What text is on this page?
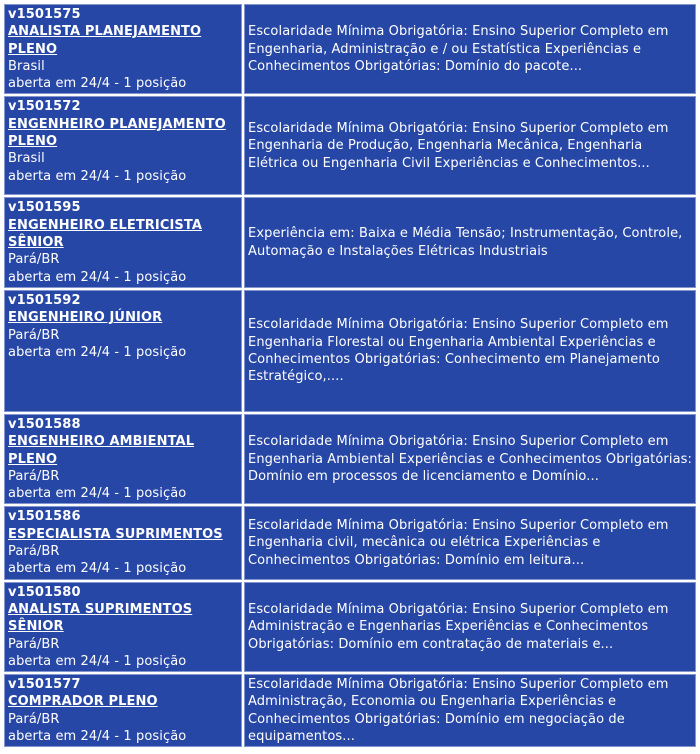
v1501575
ANALISTA PLANEJAMENTO PLENO
Brasil
aberta em 24/4 - 1 posição	Escolaridade Mínima Obrigatória: Ensino Superior Completo em Engenharia, Administração e / ou Estatística Experiências e Conhecimentos Obrigatórias: Domínio do pacote...

v1501572
ENGENHEIRO PLANEJAMENTO PLENO
Brasil
aberta em 24/4 - 1 posição	Escolaridade Mínima Obrigatória: Ensino Superior Completo em Engenharia de Produção, Engenharia Mecânica, Engenharia Elétrica ou Engenharia Civil Experiências e Conhecimentos...

v1501595
ENGENHEIRO ELETRICISTA SÊNIOR
Pará/BR
aberta em 24/4 - 1 posição	Experiência em: Baixa e Média Tensão; Instrumentação, Controle, Automação e Instalações Elétricas Industriais

v1501592
ENGENHEIRO JÚNIOR
Pará/BR
aberta em 24/4 - 1 posição	Escolaridade Mínima Obrigatória: Ensino Superior Completo em Engenharia Florestal ou Engenharia Ambiental Experiências e Conhecimentos Obrigatórias: Conhecimento em Planejamento Estratégico,....

v1501588
ENGENHEIRO AMBIENTAL PLENO
Pará/BR
aberta em 24/4 - 1 posição	Escolaridade Mínima Obrigatória: Ensino Superior Completo em Engenharia Ambiental Experiências e Conhecimentos Obrigatórias: Domínio em processos de licenciamento e Domínio...

v1501586
ESPECIALISTA SUPRIMENTOS
Pará/BR
aberta em 24/4 - 1 posição	Escolaridade Mínima Obrigatória: Ensino Superior Completo em Engenharia civil, mecânica ou elétrica Experiências e Conhecimentos Obrigatórias: Domínio em leitura...

v1501580
ANALISTA SUPRIMENTOS SÊNIOR
Pará/BR
aberta em 24/4 - 1 posição	Escolaridade Mínima Obrigatória: Ensino Superior Completo em Administração e Engenharias Experiências e Conhecimentos Obrigatórias: Domínio em contratação de materiais e...

v1501577
COMPRADOR PLENO
Pará/BR
aberta em 24/4 - 1 posição	Escolaridade Mínima Obrigatória: Ensino Superior Completo em Administração, Economia ou Engenharia Experiências e Conhecimentos Obrigatórias: Domínio em negociação de equipamentos...
